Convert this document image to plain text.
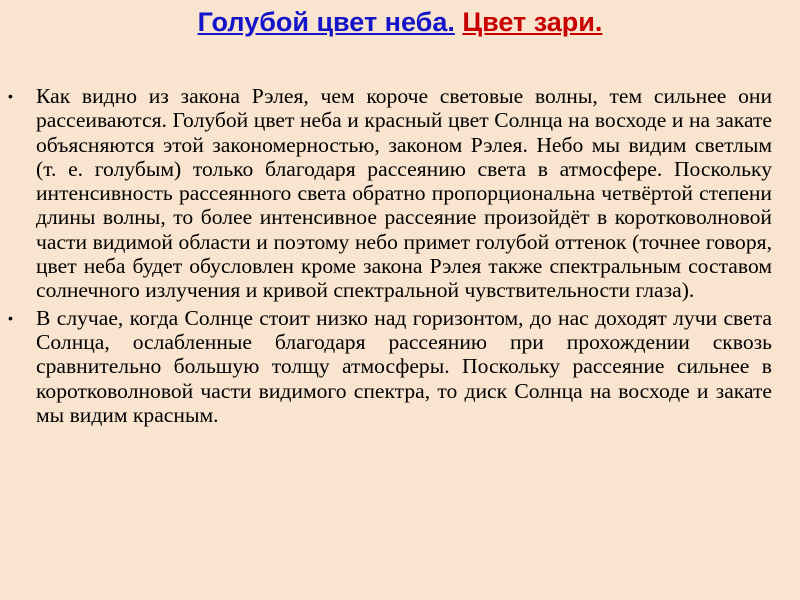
Голубой цвет неба. Цвет зари.
• Как видно из закона Рэлея, чем короче световые волны, тем сильнее они рассеиваются. Голубой цвет неба и красный цвет Солнца на восходе и на закате объясняются этой закономерностью, законом Рэлея. Небо мы видим светлым (т. е. голубым) только благодаря рассеянию света в атмосфере. Поскольку интенсивность рассеянного света обратно пропорциональна четвёртой степени длины волны, то более интенсивное рассеяние произойдёт в коротковолновой части видимой области и поэтому небо примет голубой оттенок (точнее говоря, цвет неба будет обусловлен кроме закона Рэлея также спектральным составом солнечного излучения и кривой спектральной чувствительности глаза).
• В случае, когда Солнце стоит низко над горизонтом, до нас доходят лучи света Солнца, ослабленные благодаря рассеянию при прохождении сквозь сравнительно большую толщу атмосферы. Поскольку рассеяние сильнее в коротковолновой части видимого спектра, то диск Солнца на восходе и закате мы видим красным.
